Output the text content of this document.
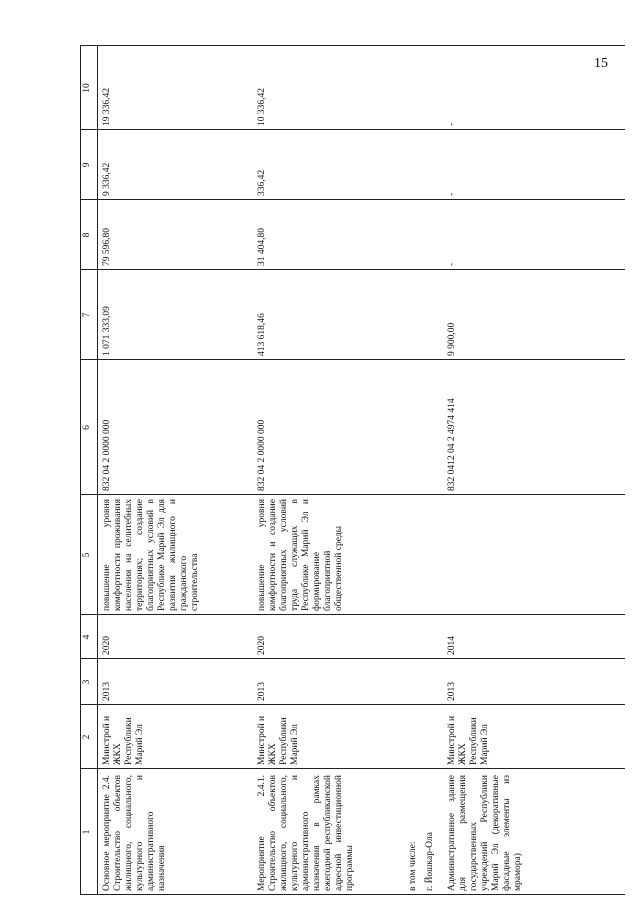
15
1
2
3
4
5
6
7
8
9
10
Основное мероприятие 2.4. Строительство объектов жилищного, социального, культурного и административного назначения
Минстрой и ЖКХ Республики Марий Эл
2013
2020
повышение уровня комфортности проживания населения на селитебных территориях; создание благоприятных условий в Республике Марий Эл для развития жилищного и гражданского строительства
832 04 2 0000 000
1 071 333,09
79 596,80
9 336,42
19 336,42
Мероприятие 2.4.1. Строительство объектов жилищного, социального, культурного и административного назначения в рамках ежегодной республиканской адресной инвестиционной программы
Минстрой и ЖКХ Республики Марий Эл
2013
2020
повышение уровня комфортности и создание благоприятных условий труда служащих в Республике Марий Эл и формирование благоприятной общественной среды
832 04 2 0000 000
413 618,46
31 404,80
336,42
10 336,42
в том числе: г. Йошкар-Ола Административное здание для размещения государственных учреждений Республики Марий Эл (декоративные фасадные элементы из мрамора)
Минстрой и ЖКХ Республики Марий Эл
2013
2014
832 0412 04 2 4974 414
9 900,00
-
-
-
